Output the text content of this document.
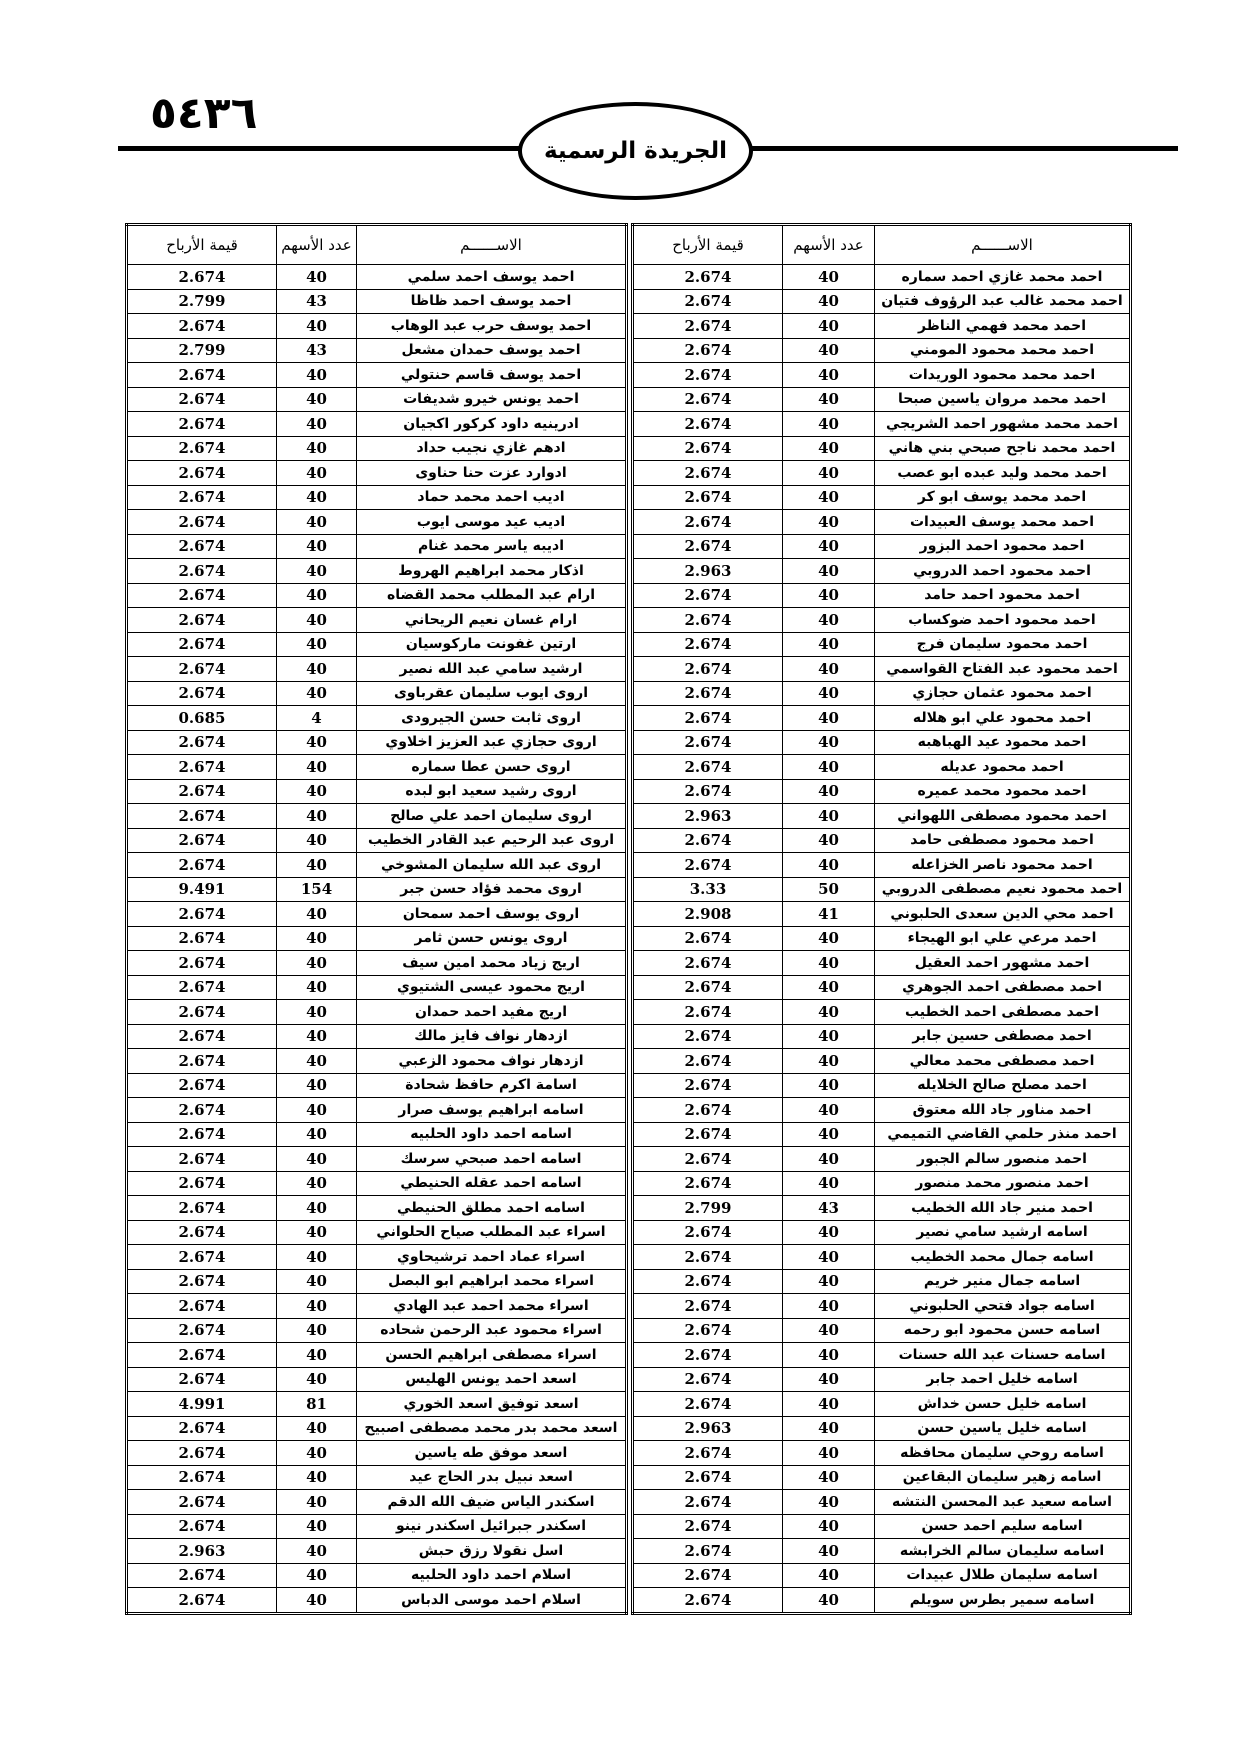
٥٤٣٦
الجريدة الرسمية
الاســــــم	عدد الأسهم	قيمة الأرباح
احمد محمد غازي احمد سماره	40	2.674
احمد محمد غالب عبد الرؤوف فتيان	40	2.674
احمد محمد فهمي الناظر	40	2.674
احمد محمد محمود المومني	40	2.674
احمد محمد محمود الوريدات	40	2.674
احمد محمد مروان ياسين صبحا	40	2.674
احمد محمد مشهور احمد الشريجي	40	2.674
احمد محمد ناجح صبحي بني هاني	40	2.674
احمد محمد وليد عبده ابو عصب	40	2.674
احمد محمد يوسف ابو كر	40	2.674
احمد محمد يوسف العبيدات	40	2.674
احمد محمود احمد البزور	40	2.674
احمد محمود احمد الدروبي	40	2.963
احمد محمود احمد حامد	40	2.674
احمد محمود احمد ضوكساب	40	2.674
احمد محمود سليمان فرج	40	2.674
احمد محمود عبد الفتاح القواسمي	40	2.674
احمد محمود عثمان حجازي	40	2.674
احمد محمود علي ابو هلاله	40	2.674
احمد محمود عيد الهباهبه	40	2.674
احمد محمود عديله	40	2.674
احمد محمود محمد عميره	40	2.674
احمد محمود مصطفى اللهواني	40	2.963
احمد محمود مصطفى حامد	40	2.674
احمد محمود ناصر الخزاعله	40	2.674
احمد محمود نعيم مصطفى الدروبي	50	3.33
احمد محي الدين سعدى الحلبوني	41	2.908
احمد مرعي علي ابو الهيجاء	40	2.674
احمد مشهور احمد العقيل	40	2.674
احمد مصطفى احمد الجوهري	40	2.674
احمد مصطفى احمد الخطيب	40	2.674
احمد مصطفى حسين جابر	40	2.674
احمد مصطفى محمد معالي	40	2.674
احمد مصلح صالح الخلايله	40	2.674
احمد مناور جاد الله معتوق	40	2.674
احمد منذر حلمي القاضي التميمي	40	2.674
احمد منصور سالم الجبور	40	2.674
احمد منصور محمد منصور	40	2.674
احمد منير جاد الله الخطيب	43	2.799
اسامه ارشيد سامي نصير	40	2.674
اسامه جمال محمد الخطيب	40	2.674
اسامه جمال منير خريم	40	2.674
اسامه جواد فتحي الحلبوني	40	2.674
اسامه حسن محمود ابو رحمه	40	2.674
اسامه حسنات عبد الله حسنات	40	2.674
اسامه خليل احمد جابر	40	2.674
اسامه خليل حسن خداش	40	2.674
اسامه خليل ياسين حسن	40	2.963
اسامه روحي سليمان محافظه	40	2.674
اسامه زهير سليمان البقاعين	40	2.674
اسامه سعيد عبد المحسن النتشه	40	2.674
اسامه سليم احمد حسن	40	2.674
اسامه سليمان سالم الخرابشه	40	2.674
اسامه سليمان طلال عبيدات	40	2.674
اسامه سمير بطرس سويلم	40	2.674
الاســــــم	عدد الأسهم	قيمة الأرباح
احمد يوسف احمد سلمي	40	2.674
احمد يوسف احمد ظاظا	43	2.799
احمد يوسف حرب عبد الوهاب	40	2.674
احمد يوسف حمدان مشعل	43	2.799
احمد يوسف قاسم حنتولي	40	2.674
احمد يونس خيرو شديفات	40	2.674
ادرينيه داود كركور اكجيان	40	2.674
ادهم غازي نجيب حداد	40	2.674
ادوارد عزت حنا حناوى	40	2.674
اديب احمد محمد حماد	40	2.674
اديب عيد موسى ايوب	40	2.674
اديبه ياسر محمد غنام	40	2.674
اذكار محمد ابراهيم الهروط	40	2.674
ارام عبد المطلب محمد القضاه	40	2.674
ارام غسان نعيم الريحاني	40	2.674
ارتين غفونت ماركوسيان	40	2.674
ارشيد سامي عبد الله نصير	40	2.674
اروى ايوب سليمان عقرباوى	40	2.674
اروى ثابت حسن الجيرودى	4	0.685
اروى حجازي عبد العزيز اخلاوي	40	2.674
اروى حسن عطا سماره	40	2.674
اروى رشيد سعيد ابو لبده	40	2.674
اروى سليمان احمد علي صالح	40	2.674
اروى عبد الرحيم عبد القادر الخطيب	40	2.674
اروى عبد الله سليمان المشوخي	40	2.674
اروى محمد فؤاد حسن جبر	154	9.491
اروى يوسف احمد سمحان	40	2.674
اروى يونس حسن ثامر	40	2.674
اريج زياد محمد امين سيف	40	2.674
اريج محمود عيسى الشتيوي	40	2.674
اريج مفيد احمد حمدان	40	2.674
ازدهار نواف فايز مالك	40	2.674
ازدهار نواف محمود الزعبي	40	2.674
اسامة اكرم حافظ شحادة	40	2.674
اسامه ابراهيم يوسف صرار	40	2.674
اسامه احمد داود الحلبيه	40	2.674
اسامه احمد صبحي سرسك	40	2.674
اسامه احمد عقله الحنيطي	40	2.674
اسامه احمد مطلق الحنيطي	40	2.674
اسراء عبد المطلب صياح الحلواني	40	2.674
اسراء عماد احمد ترشيحاوي	40	2.674
اسراء محمد ابراهيم ابو البصل	40	2.674
اسراء محمد احمد عبد الهادي	40	2.674
اسراء محمود عبد الرحمن شحاده	40	2.674
اسراء مصطفى ابراهيم الحسن	40	2.674
اسعد احمد يونس الهليس	40	2.674
اسعد توفيق اسعد الخوري	81	4.991
اسعد محمد بدر محمد مصطفى اصبيح	40	2.674
اسعد موفق طه ياسين	40	2.674
اسعد نبيل بدر الحاج عيد	40	2.674
اسكندر الياس ضيف الله الدقم	40	2.674
اسكندر جبرائيل اسكندر نينو	40	2.674
اسل نقولا رزق حبش	40	2.963
اسلام احمد داود الحلبيه	40	2.674
اسلام احمد موسى الدباس	40	2.674
